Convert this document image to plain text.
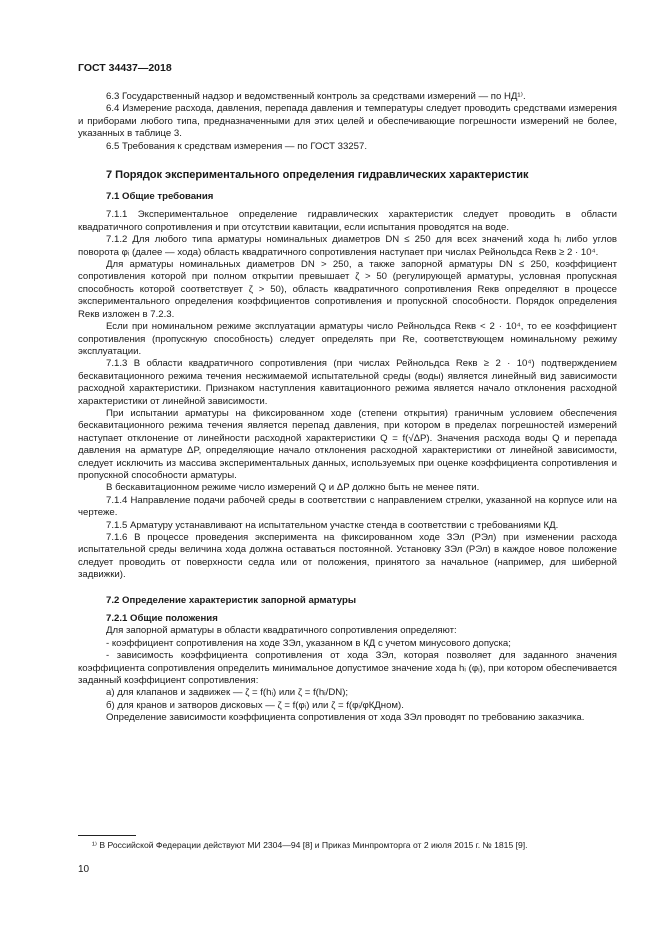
ГОСТ 34437—2018

6.3 Государственный надзор и ведомственный контроль за средствами измерений — по НД¹⁾.

6.4 Измерение расхода, давления, перепада давления и температуры следует проводить средствами измерения и приборами любого типа, предназначенными для этих целей и обеспечивающие погрешности измерений не более, указанных в таблице 3.

6.5 Требования к средствам измерения — по ГОСТ 33257.

7 Порядок экспериментального определения гидравлических характеристик
7.1 Общие требования

7.1.1 Экспериментальное определение гидравлических характеристик следует проводить в области квадратичного сопротивления и при отсутствии кавитации, если испытания проводятся на воде.

7.1.2 Для любого типа арматуры номинальных диаметров DN ≤ 250 для всех значений хода hᵢ либо углов поворота φᵢ (далее — хода) область квадратичного сопротивления наступает при числах Рейнольдса Reкв ≥ 2 · 10⁴.

Для арматуры номинальных диаметров DN > 250, а также запорной арматуры DN ≤ 250, коэффициент сопротивления которой при полном открытии превышает ζ > 50 (регулирующей арматуры, условная пропускная способность которой соответствует ζ > 50), область квадратичного сопротивления Reкв определяют в процессе экспериментального определения коэффициентов сопротивления и пропускной способности. Порядок определения Reкв изложен в 7.2.3.

Если при номинальном режиме эксплуатации арматуры число Рейнольдса Reкв < 2 · 10⁴, то ее коэффициент сопротивления (пропускную способность) следует определять при Re, соответствующем номинальному режиму эксплуатации.

7.1.3 В области квадратичного сопротивления (при числах Рейнольдса Reкв ≥ 2 · 10⁴) подтверждением бескавитационного режима течения несжимаемой испытательной среды (воды) является линейный вид зависимости расходной характеристики. Признаком наступления кавитационного режима является начало отклонения расходной характеристики от линейной зависимости.

При испытании арматуры на фиксированном ходе (степени открытия) граничным условием обеспечения бескавитационного режима течения является перепад давления, при котором в пределах погрешностей измерений наступает отклонение от линейности расходной характеристики Q = f(√ΔP). Значения расхода воды Q и перепада давления на арматуре ΔP, определяющие начало отклонения расходной характеристики от линейной зависимости, следует исключить из массива экспериментальных данных, используемых при оценке коэффициента сопротивления и пропускной способности арматуры.

В бескавитационном режиме число измерений Q и ΔP должно быть не менее пяти.

7.1.4 Направление подачи рабочей среды в соответствии с направлением стрелки, указанной на корпусе или на чертеже.

7.1.5 Арматуру устанавливают на испытательном участке стенда в соответствии с требованиями КД.

7.1.6 В процессе проведения эксперимента на фиксированном ходе ЗЭл (РЭл) при изменении расхода испытательной среды величина хода должна оставаться постоянной. Установку ЗЭл (РЭл) в каждое новое положение следует проводить от поверхности седла или от положения, принятого за начальное (например, для шиберной задвижки).

7.2 Определение характеристик запорной арматуры
7.2.1 Общие положения

Для запорной арматуры в области квадратичного сопротивления определяют:

- коэффициент сопротивления на ходе ЗЭл, указанном в КД с учетом минусового допуска;

- зависимость коэффициента сопротивления от хода ЗЭл, которая позволяет для заданного значения коэффициента сопротивления определить минимальное допустимое значение хода hᵢ (φᵢ), при котором обеспечивается заданный коэффициент сопротивления:

а) для клапанов и задвижек — ζ = f(hᵢ) или ζ = f(hᵢ/DN);

б) для кранов и затворов дисковых — ζ = f(φᵢ) или ζ = f(φᵢ/φКДном).

Определение зависимости коэффициента сопротивления от хода ЗЭл проводят по требованию заказчика.

¹⁾ В Российской Федерации действуют МИ 2304—94 [8] и Приказ Минпромторга от 2 июля 2015 г. № 1815 [9].
10
